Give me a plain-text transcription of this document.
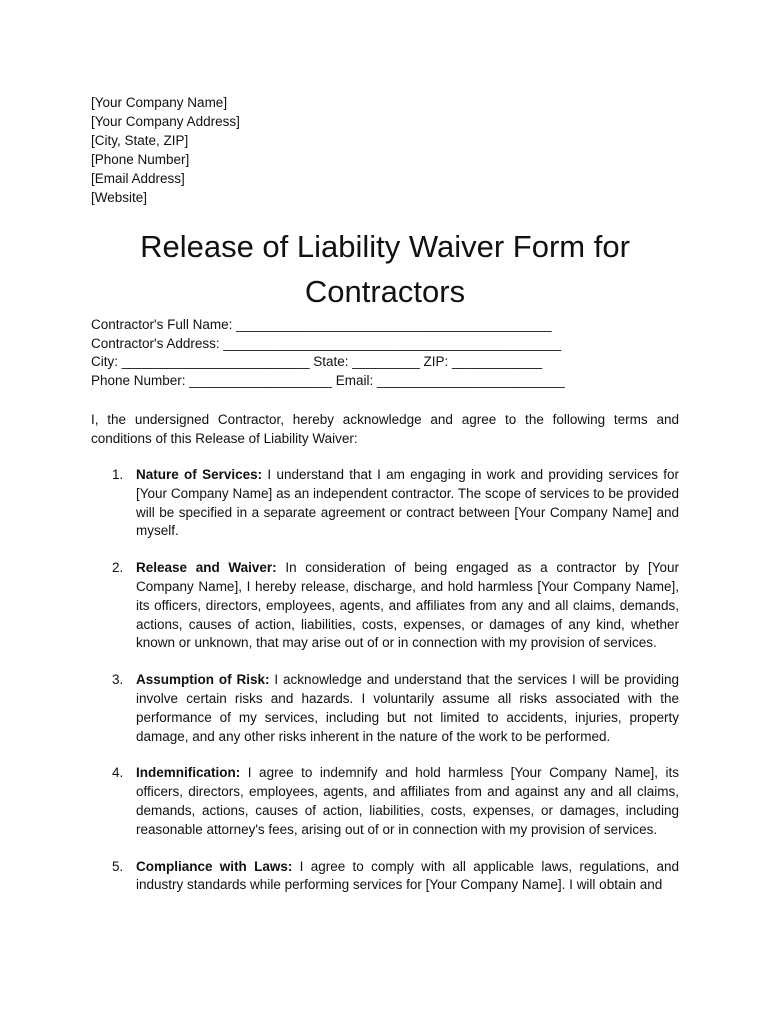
[Your Company Name]
[Your Company Address]
[City, State, ZIP]
[Phone Number]
[Email Address]
[Website]
Release of Liability Waiver Form for
Contractors
Contractor's Full Name: __________________________________________
Contractor's Address: _____________________________________________
City: _________________________ State: _________ ZIP: ____________
Phone Number: ___________________ Email: _________________________

I, the undersigned Contractor, hereby acknowledge and agree to the following terms and conditions of this Release of Liability Waiver:

1. Nature of Services: I understand that I am engaging in work and providing services for [Your Company Name] as an independent contractor. The scope of services to be provided will be specified in a separate agreement or contract between [Your Company Name] and myself.
2. Release and Waiver: In consideration of being engaged as a contractor by [Your Company Name], I hereby release, discharge, and hold harmless [Your Company Name], its officers, directors, employees, agents, and affiliates from any and all claims, demands, actions, causes of action, liabilities, costs, expenses, or damages of any kind, whether known or unknown, that may arise out of or in connection with my provision of services.
3. Assumption of Risk: I acknowledge and understand that the services I will be providing involve certain risks and hazards. I voluntarily assume all risks associated with the performance of my services, including but not limited to accidents, injuries, property damage, and any other risks inherent in the nature of the work to be performed.
4. Indemnification: I agree to indemnify and hold harmless [Your Company Name], its officers, directors, employees, agents, and affiliates from and against any and all claims, demands, actions, causes of action, liabilities, costs, expenses, or damages, including reasonable attorney's fees, arising out of or in connection with my provision of services.
5. Compliance with Laws: I agree to comply with all applicable laws, regulations, and industry standards while performing services for [Your Company Name]. I will obtain and
